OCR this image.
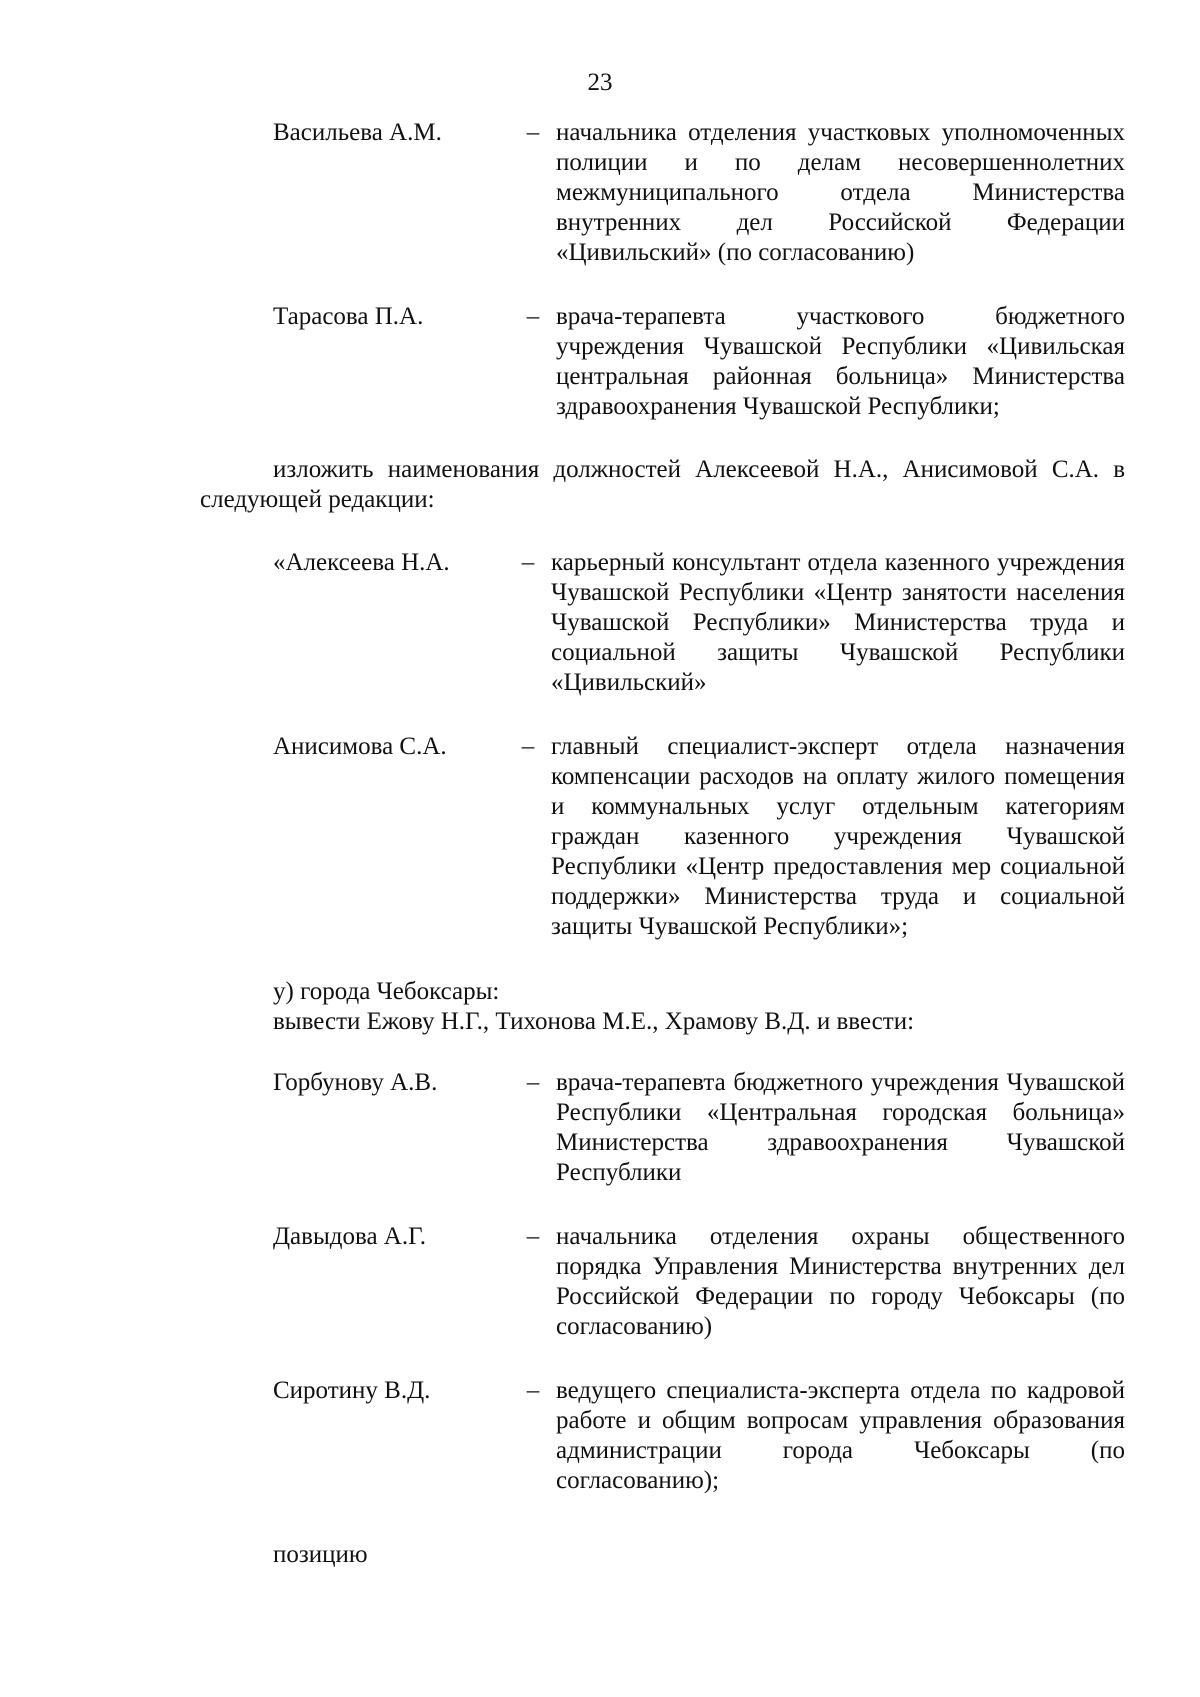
23
Васильева А.М.	– начальника отделения участковых уполномоченных полиции и по делам несовершеннолетних межмуниципального отдела Министерства внутренних дел Российской Федерации «Цивильский» (по согласованию)
Тарасова П.А.	– врача-терапевта участкового бюджетного учреждения Чувашской Республики «Цивильская центральная районная больница» Министерства здравоохранения Чувашской Республики;
изложить наименования должностей Алексеевой Н.А., Анисимовой С.А. в
следующей редакции:
«Алексеева Н.А.	– карьерный консультант отдела казенного учреждения Чувашской Республики «Центр занятости населения Чувашской Республики» Министерства труда и социальной защиты Чувашской Республики «Цивильский»
Анисимова С.А.	– главный специалист-эксперт отдела назначения компенсации расходов на оплату жилого помещения и коммунальных услуг отдельным категориям граждан казенного учреждения Чувашской Республики «Центр предоставления мер социальной поддержки» Министерства труда и социальной защиты Чувашской Республики»;
у) города Чебоксары:
вывести Ежову Н.Г., Тихонова М.Е., Храмову В.Д. и ввести:
Горбунову А.В.	– врача-терапевта бюджетного учреждения Чувашской Республики «Центральная городская больница» Министерства здравоохранения Чувашской Республики
Давыдова А.Г.	– начальника отделения охраны общественного порядка Управления Министерства внутренних дел Российской Федерации по городу Чебоксары (по согласованию)
Сиротину В.Д.	– ведущего специалиста-эксперта отдела по кадровой работе и общим вопросам управления образования администрации города Чебоксары (по согласованию);
позицию
